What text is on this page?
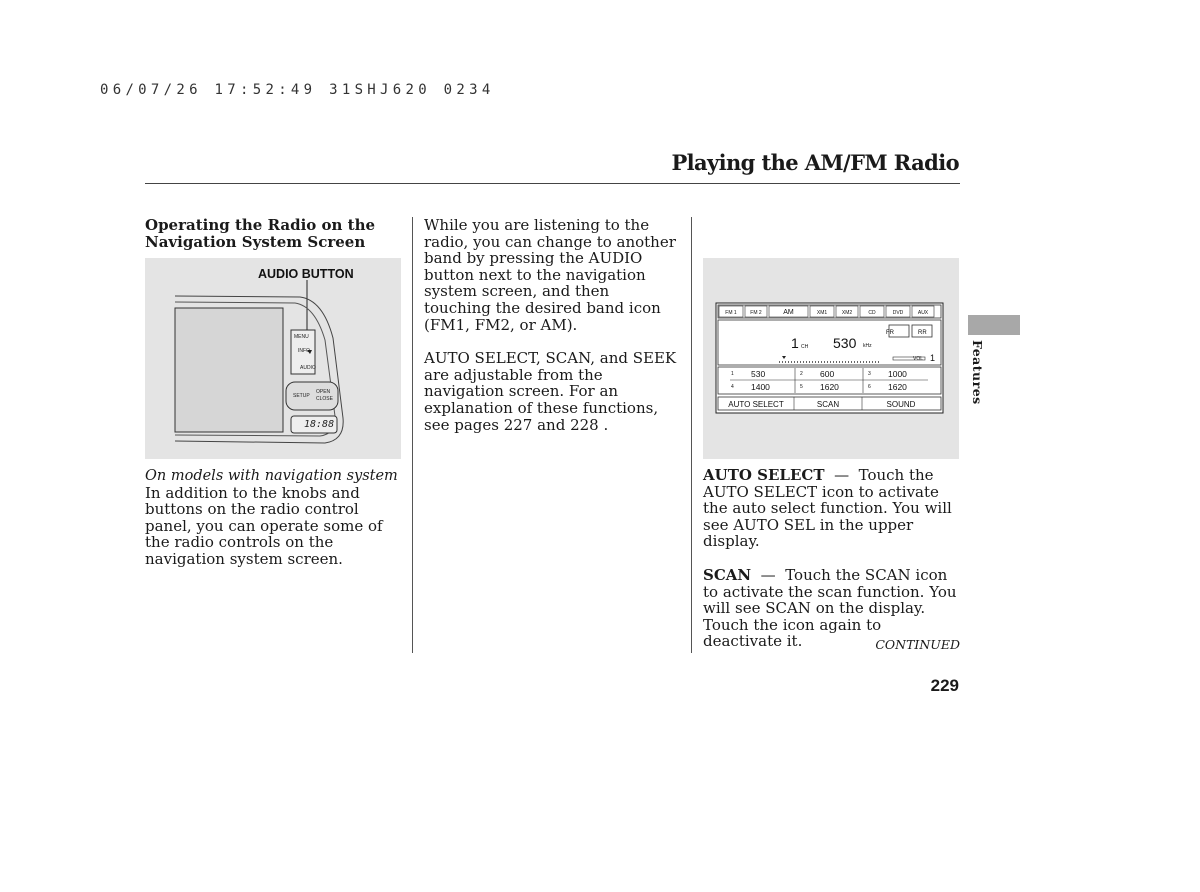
06/07/26 17:52:49 31SHJ620 0234
Playing the AM/FM Radio
Operating the Radio on the Navigation System Screen
AUDIO BUTTON
MENU
INFO
AUDIO
SETUP
OPEN
CLOSE
18:88
On models with navigation system
In addition to the knobs and buttons on the radio control panel, you can operate some of the radio controls on the navigation system screen.

While you are listening to the radio, you can change to another band by pressing the AUDIO button next to the navigation system screen, and then touching the desired band icon (FM1, FM2, or AM).

AUTO SELECT, SCAN, and SEEK are adjustable from the navigation screen. For an explanation of these functions, see pages 227 and 228 .

FM 1	FM 2	AM	XM1	XM2	CD	DVD	AUX
FR	RR
1 CH 530 kHz
VOL 1
1 530	2 600	3 1000
4 1400	5 1620	6 1620
AUTO SELECT	SCAN	SOUND

AUTO SELECT — Touch the AUTO SELECT icon to activate the auto select function. You will see AUTO SEL in the upper display.

SCAN — Touch the SCAN icon to activate the scan function. You will see SCAN on the display. Touch the icon again to deactivate it.	CONTINUED
229
Features
